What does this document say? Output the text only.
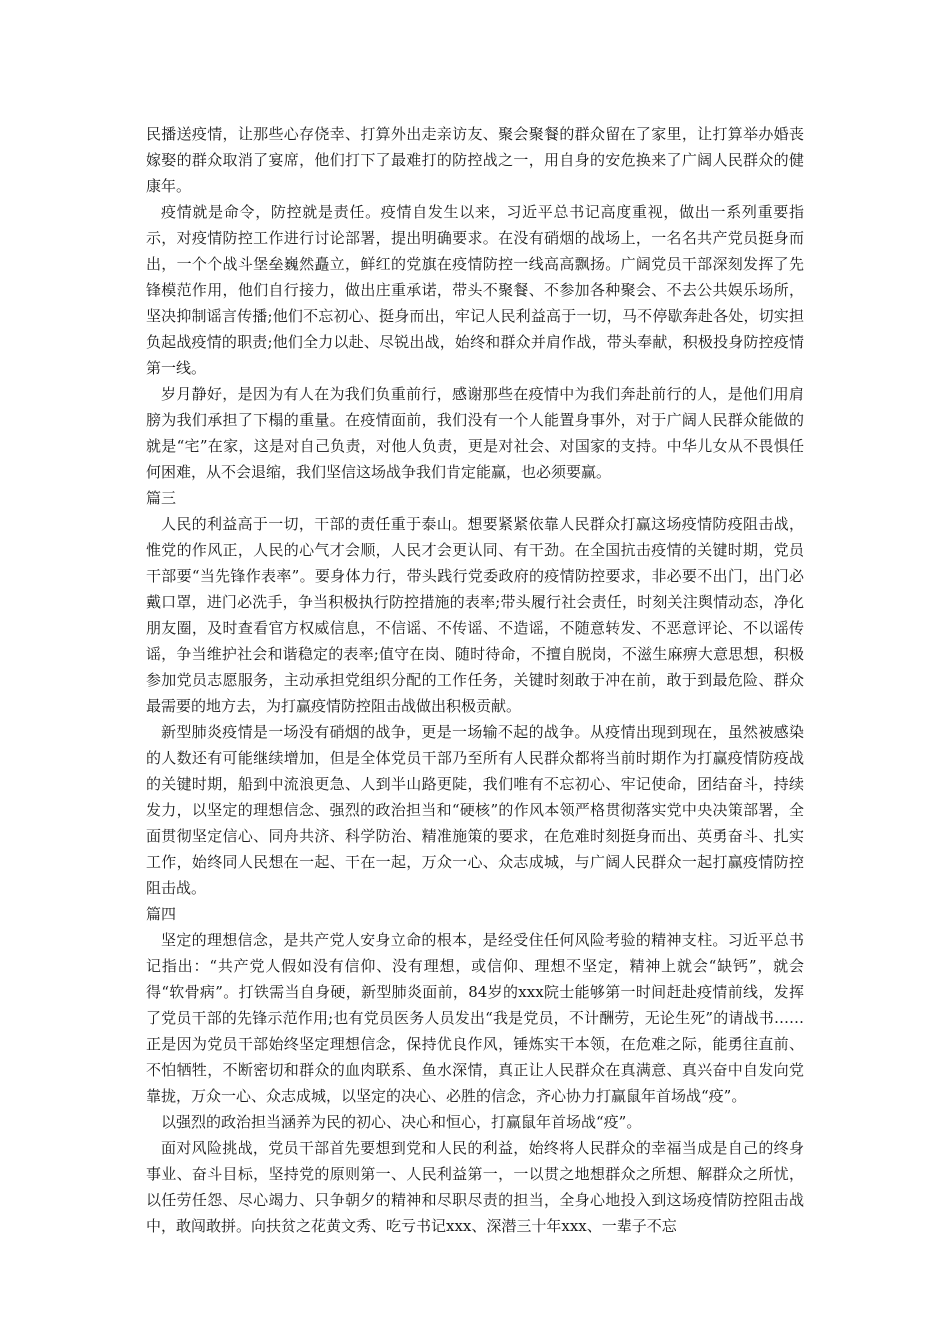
民播送疫情，让那些心存侥幸、打算外出走亲访友、聚会聚餐的群众留在了家里，让打算举办婚丧嫁娶的群众取消了宴席，他们打下了最难打的防控战之一，用自身的安危换来了广阔人民群众的健康年。

疫情就是命令，防控就是责任。疫情自发生以来，习近平总书记高度重视，做出一系列重要指示，对疫情防控工作进行讨论部署，提出明确要求。在没有硝烟的战场上，一名名共产党员挺身而出，一个个战斗堡垒巍然矗立，鲜红的党旗在疫情防控一线高高飘扬。广阔党员干部深刻发挥了先锋模范作用，他们自行接力，做出庄重承诺，带头不聚餐、不参加各种聚会、不去公共娱乐场所，坚决抑制谣言传播;他们不忘初心、挺身而出，牢记人民利益高于一切，马不停歇奔赴各处，切实担负起战疫情的职责;他们全力以赴、尽锐出战，始终和群众并肩作战，带头奉献，积极投身防控疫情第一线。

岁月静好，是因为有人在为我们负重前行，感谢那些在疫情中为我们奔赴前行的人，是他们用肩膀为我们承担了下榻的重量。在疫情面前，我们没有一个人能置身事外，对于广阔人民群众能做的就是“宅”在家，这是对自己负责，对他人负责，更是对社会、对国家的支持。中华儿女从不畏惧任何困难，从不会退缩，我们坚信这场战争我们肯定能赢，也必须要赢。

篇三

人民的利益高于一切，干部的责任重于泰山。想要紧紧依靠人民群众打赢这场疫情防疫阻击战，惟党的作风正，人民的心气才会顺，人民才会更认同、有干劲。在全国抗击疫情的关键时期，党员干部要“当先锋作表率”。要身体力行，带头践行党委政府的疫情防控要求，非必要不出门，出门必戴口罩，进门必洗手，争当积极执行防控措施的表率;带头履行社会责任，时刻关注舆情动态，净化朋友圈，及时查看官方权威信息，不信谣、不传谣、不造谣，不随意转发、不恶意评论、不以谣传谣，争当维护社会和谐稳定的表率;值守在岗、随时待命，不擅自脱岗，不滋生麻痹大意思想，积极参加党员志愿服务，主动承担党组织分配的工作任务，关键时刻敢于冲在前，敢于到最危险、群众最需要的地方去，为打赢疫情防控阻击战做出积极贡献。

新型肺炎疫情是一场没有硝烟的战争，更是一场输不起的战争。从疫情出现到现在，虽然被感染的人数还有可能继续增加，但是全体党员干部乃至所有人民群众都将当前时期作为打赢疫情防疫战的关键时期，船到中流浪更急、人到半山路更陡，我们唯有不忘初心、牢记使命，团结奋斗，持续发力，以坚定的理想信念、强烈的政治担当和“硬核”的作风本领严格贯彻落实党中央决策部署，全面贯彻坚定信心、同舟共济、科学防治、精准施策的要求，在危难时刻挺身而出、英勇奋斗、扎实工作，始终同人民想在一起、干在一起，万众一心、众志成城，与广阔人民群众一起打赢疫情防控阻击战。

篇四

坚定的理想信念，是共产党人安身立命的根本，是经受住任何风险考验的精神支柱。习近平总书记指出：“共产党人假如没有信仰、没有理想，或信仰、理想不坚定，精神上就会“缺钙”，就会得“软骨病”。打铁需当自身硬，新型肺炎面前，84岁的xxx院士能够第一时间赶赴疫情前线，发挥了党员干部的先锋示范作用;也有党员医务人员发出“我是党员，不计酬劳，无论生死”的请战书……正是因为党员干部始终坚定理想信念，保持优良作风，锤炼实干本领，在危难之际，能勇往直前、不怕牺牲，不断密切和群众的血肉联系、鱼水深情，真正让人民群众在真满意、真兴奋中自发向党靠拢，万众一心、众志成城，以坚定的决心、必胜的信念，齐心协力打赢鼠年首场战“疫”。

以强烈的政治担当涵养为民的初心、决心和恒心，打赢鼠年首场战“疫”。

面对风险挑战，党员干部首先要想到党和人民的利益，始终将人民群众的幸福当成是自己的终身事业、奋斗目标，坚持党的原则第一、人民利益第一，一以贯之地想群众之所想、解群众之所忧，以任劳任怨、尽心竭力、只争朝夕的精神和尽职尽责的担当，全身心地投入到这场疫情防控阻击战中，敢闯敢拼。向扶贫之花黄文秀、吃亏书记xxx、深潜三十年xxx、一辈子不忘
